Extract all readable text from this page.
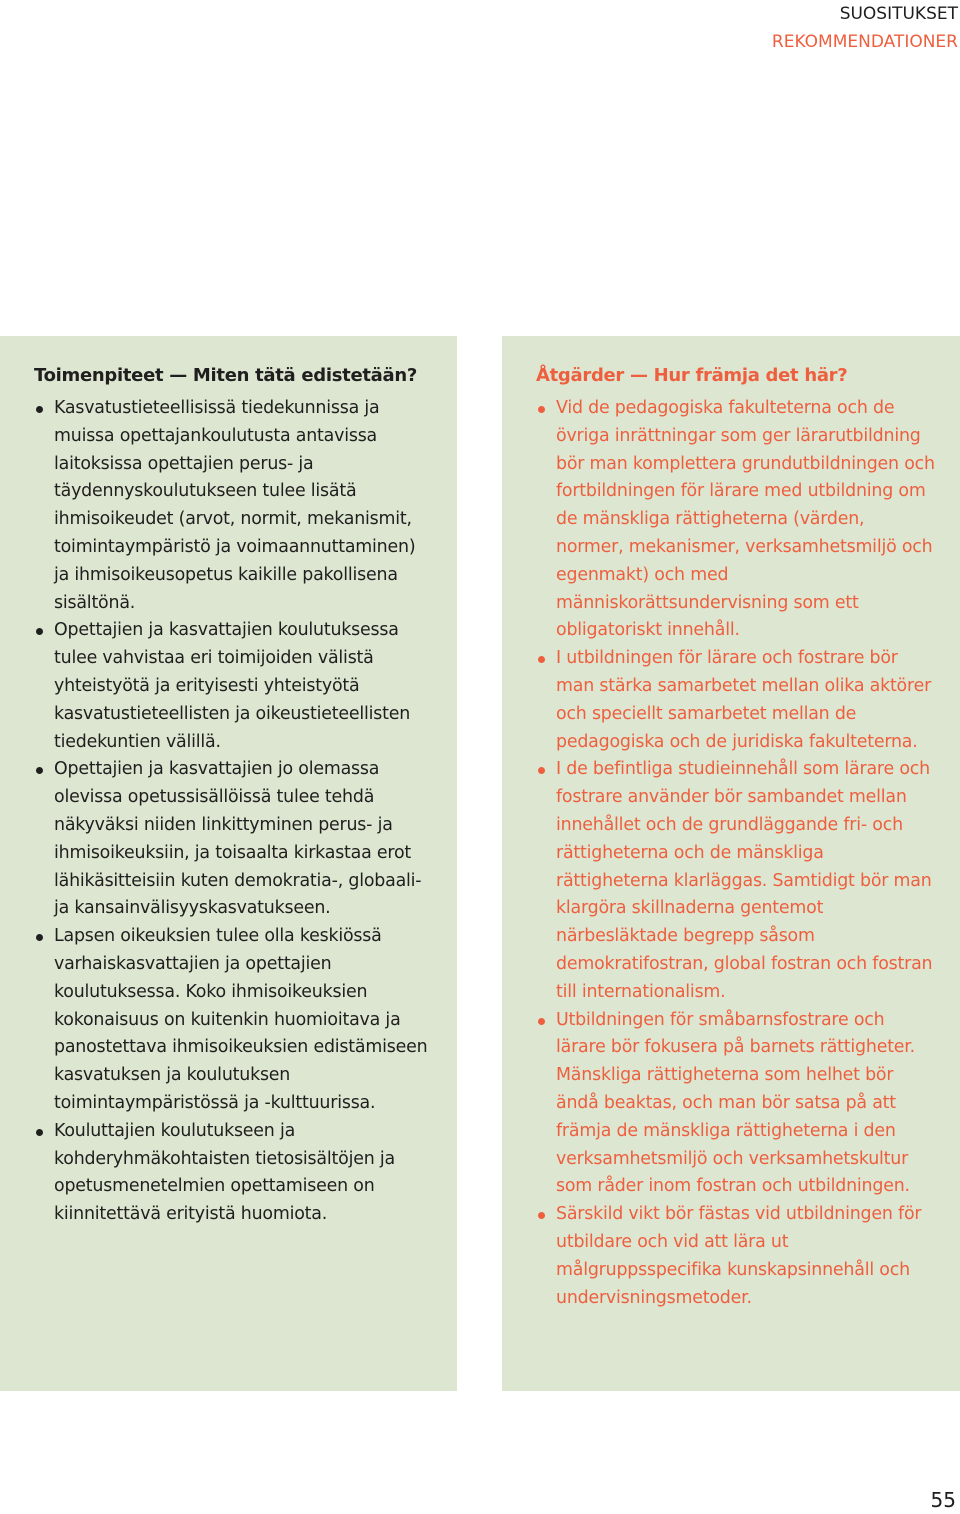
SUOSITUKSET
REKOMMENDATIONER
Toimenpiteet — Miten tätä edistetään?
Kasvatustieteellisissä tiedekunnissa ja muissa opettajankoulutusta antavissa laitoksissa opettajien perus- ja täydennyskoulutukseen tulee lisätä ihmisoikeudet (arvot, normit, mekanismit, toimintaympäristö ja voimaannuttaminen) ja ihmisoikeusopetus kaikille pakollisena sisältönä.
Opettajien ja kasvattajien koulutuksessa tulee vahvistaa eri toimijoiden välistä yhteistyötä ja erityisesti yhteistyötä kasvatustieteellisten ja oikeustieteellisten tiedekuntien välillä.
Opettajien ja kasvattajien jo olemassa olevissa opetussisällöissä tulee tehdä näkyväksi niiden linkittyminen perus- ja ihmisoikeuksiin, ja toisaalta kirkastaa erot lähikäsitteisiin kuten demokratia-, globaali- ja kansainvälisyyskasvatukseen.
Lapsen oikeuksien tulee olla keskiössä varhaiskasvattajien ja opettajien koulutuksessa. Koko ihmisoikeuksien kokonaisuus on kuitenkin huomioitava ja panostettava ihmisoikeuksien edistämiseen kasvatuksen ja koulutuksen toimintaympäristössä ja -kulttuurissa.
Kouluttajien koulutukseen ja kohderyhmäkohtaisten tietosisältöjen ja opetusmenetelmien opettamiseen on kiinnitettävä erityistä huomiota.
Åtgärder — Hur främja det här?
Vid de pedagogiska fakulteterna och de övriga inrättningar som ger lärarutbildning bör man komplettera grundutbildningen och fortbildningen för lärare med utbildning om de mänskliga rättigheterna (värden, normer, mekanismer, verksamhetsmiljö och egenmakt) och med människorättsundervisning som ett obligatoriskt innehåll.
I utbildningen för lärare och fostrare bör man stärka samarbetet mellan olika aktörer och speciellt samarbetet mellan de pedagogiska och de juridiska fakulteterna.
I de befintliga studieinnehåll som lärare och fostrare använder bör sambandet mellan innehållet och de grundläggande fri- och rättigheterna och de mänskliga rättigheterna klarläggas. Samtidigt bör man klargöra skillnaderna gentemot närbesläktade begrepp såsom demokratifostran, global fostran och fostran till internationalism.
Utbildningen för småbarnsfostrare och lärare bör fokusera på barnets rättigheter. Mänskliga rättigheterna som helhet bör ändå beaktas, och man bör satsa på att främja de mänskliga rättigheterna i den verksamhetsmiljö och verksamhetskultur som råder inom fostran och utbildningen.
Särskild vikt bör fästas vid utbildningen för utbildare och vid att lära ut målgruppsspecifika kunskapsinnehåll och undervisningsmetoder.
55
